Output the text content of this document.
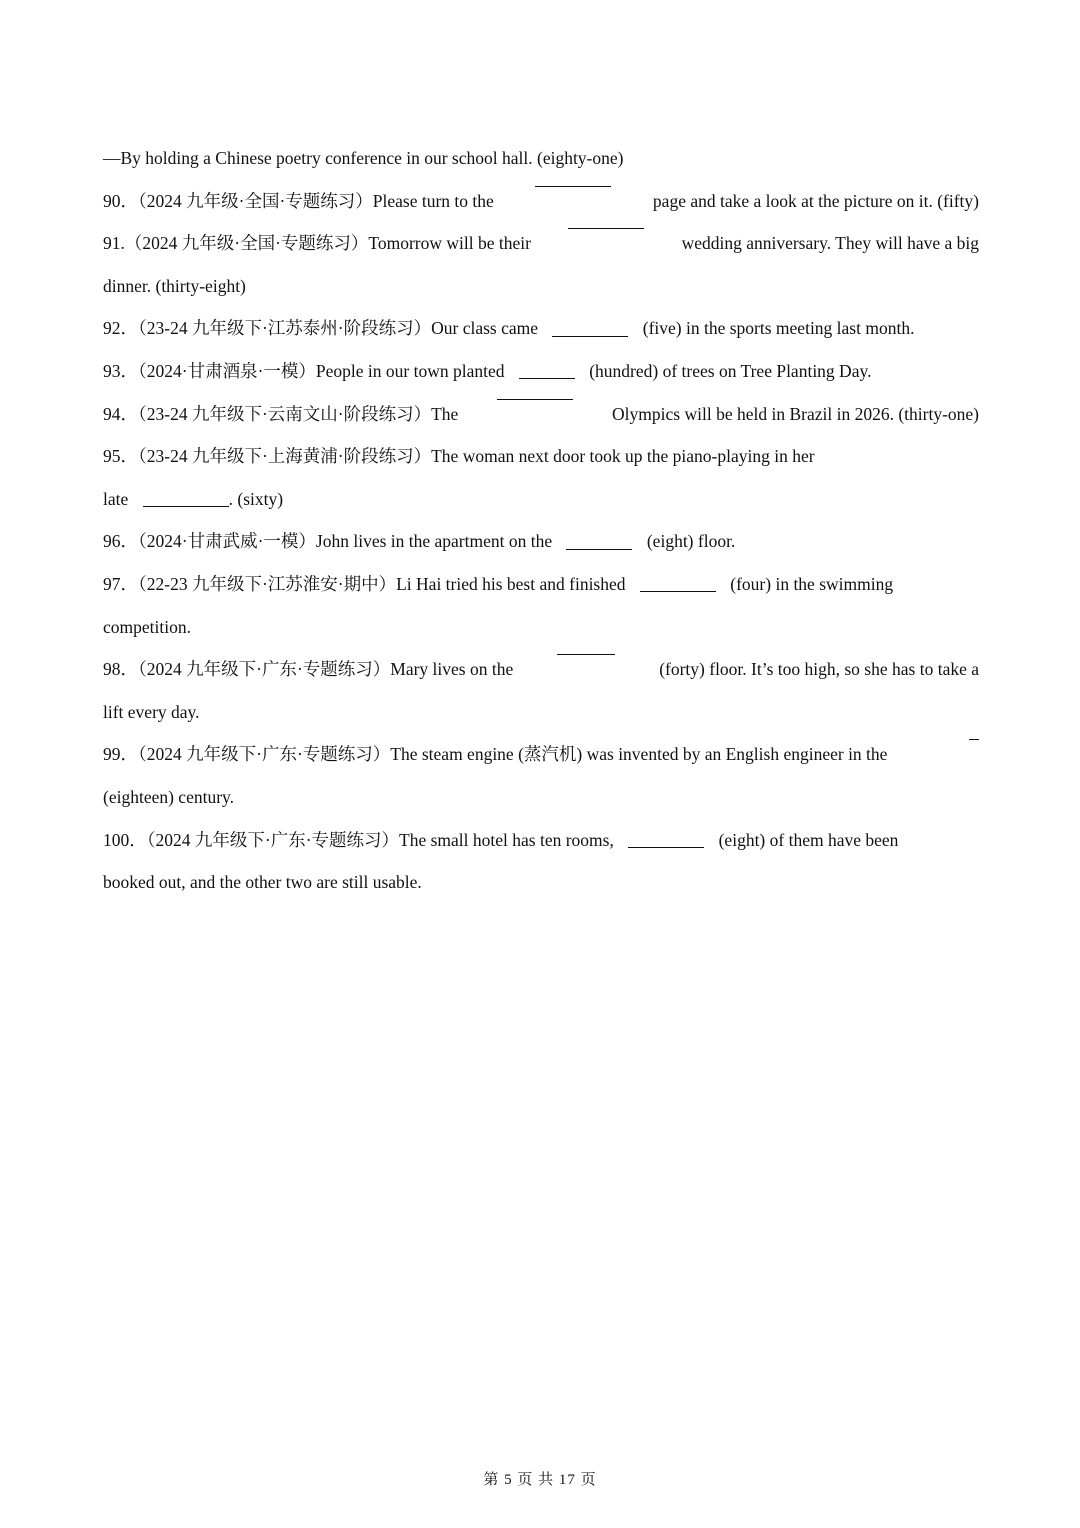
—By holding a Chinese poetry conference in our school hall. (eighty-one)
90．（2024 九年级·全国·专题练习）Please turn to the	page and take a look at the picture on it. (fifty)
91.（2024 九年级·全国·专题练习）Tomorrow will be their	wedding anniversary. They will have a big
dinner. (thirty-eight)
92．（23-24 九年级下·江苏泰州·阶段练习）Our class came	(five) in the sports meeting last month.
93．（2024·甘肃酒泉·一模）People in our town planted	(hundred) of trees on Tree Planting Day.
94．（23-24 九年级下·云南文山·阶段练习）The	Olympics will be held in Brazil in 2026. (thirty-one)
95．（23-24 九年级下·上海黄浦·阶段练习）The woman next door took up the piano-playing in her
late	. (sixty)
96．（2024·甘肃武威·一模）John lives in the apartment on the	(eight) floor.
97．（22-23 九年级下·江苏淮安·期中）Li Hai tried his best and finished	(four) in the swimming
competition.
98．（2024 九年级下·广东·专题练习）Mary lives on the	(forty) floor. It’s too high, so she has to take a
lift every day.
99．（2024 九年级下·广东·专题练习）The steam engine (蒸汽机) was invented by an English engineer in the
(eighteen) century.
100．（2024 九年级下·广东·专题练习）The small hotel has ten rooms,	(eight) of them have been
booked out, and the other two are still usable.
第 5 页 共 17 页
